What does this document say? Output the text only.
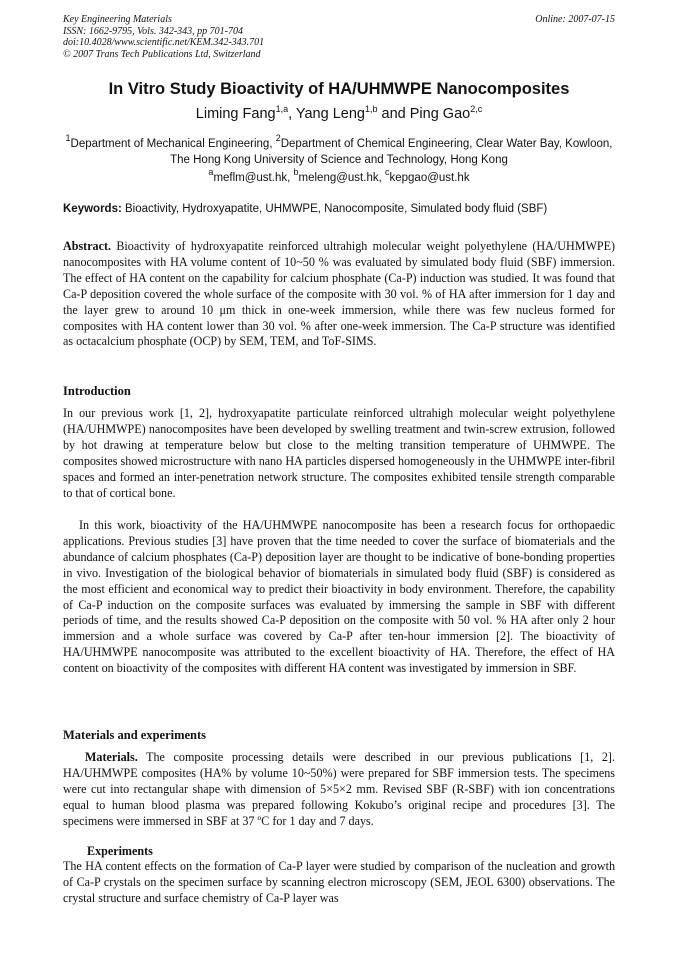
Key Engineering Materials
ISSN: 1662-9795, Vols. 342-343, pp 701-704
doi:10.4028/www.scientific.net/KEM.342-343.701
© 2007 Trans Tech Publications Ltd, Switzerland
Online: 2007-07-15
In Vitro Study Bioactivity of HA/UHMWPE Nanocomposites
Liming Fang$^{1,a}$, Yang Leng$^{1,b}$ and Ping Gao$^{2,c}$
$^1$Department of Mechanical Engineering, $^2$Department of Chemical Engineering, Clear Water Bay, Kowloon, The Hong Kong University of Science and Technology, Hong Kong
$^a$meflm@ust.hk, $^b$meleng@ust.hk, $^c$kepgao@ust.hk
Keywords: Bioactivity, Hydroxyapatite, UHMWPE, Nanocomposite, Simulated body fluid (SBF)
Abstract. Bioactivity of hydroxyapatite reinforced ultrahigh molecular weight polyethylene (HA/UHMWPE) nanocomposites with HA volume content of 10~50 % was evaluated by simulated body fluid (SBF) immersion. The effect of HA content on the capability for calcium phosphate (Ca-P) induction was studied. It was found that Ca-P deposition covered the whole surface of the composite with 30 vol. % of HA after immersion for 1 day and the layer grew to around 10 μm thick in one-week immersion, while there was few nucleus formed for composites with HA content lower than 30 vol. % after one-week immersion. The Ca-P structure was identified as octacalcium phosphate (OCP) by SEM, TEM, and ToF-SIMS.
Introduction
In our previous work [1, 2], hydroxyapatite particulate reinforced ultrahigh molecular weight polyethylene (HA/UHMWPE) nanocomposites have been developed by swelling treatment and twin-screw extrusion, followed by hot drawing at temperature below but close to the melting transition temperature of UHMWPE. The composites showed microstructure with nano HA particles dispersed homogeneously in the UHMWPE inter-fibril spaces and formed an inter-penetration network structure. The composites exhibited tensile strength comparable to that of cortical bone.
In this work, bioactivity of the HA/UHMWPE nanocomposite has been a research focus for orthopaedic applications. Previous studies [3] have proven that the time needed to cover the surface of biomaterials and the abundance of calcium phosphates (Ca-P) deposition layer are thought to be indicative of bone-bonding properties in vivo. Investigation of the biological behavior of biomaterials in simulated body fluid (SBF) is considered as the most efficient and economical way to predict their bioactivity in body environment. Therefore, the capability of Ca-P induction on the composite surfaces was evaluated by immersing the sample in SBF with different periods of time, and the results showed Ca-P deposition on the composite with 50 vol. % HA after only 2 hour immersion and a whole surface was covered by Ca-P after ten-hour immersion [2]. The bioactivity of HA/UHMWPE nanocomposite was attributed to the excellent bioactivity of HA. Therefore, the effect of HA content on bioactivity of the composites with different HA content was investigated by immersion in SBF.
Materials and experiments
Materials. The composite processing details were described in our previous publications [1, 2]. HA/UHMWPE composites (HA% by volume 10~50%) were prepared for SBF immersion tests. The specimens were cut into rectangular shape with dimension of 5×5×2 mm. Revised SBF (R-SBF) with ion concentrations equal to human blood plasma was prepared following Kokubo’s original recipe and procedures [3]. The specimens were immersed in SBF at 37 ºC for 1 day and 7 days.
Experiments
The HA content effects on the formation of Ca-P layer were studied by comparison of the nucleation and growth of Ca-P crystals on the specimen surface by scanning electron microscopy (SEM, JEOL 6300) observations. The crystal structure and surface chemistry of Ca-P layer was
